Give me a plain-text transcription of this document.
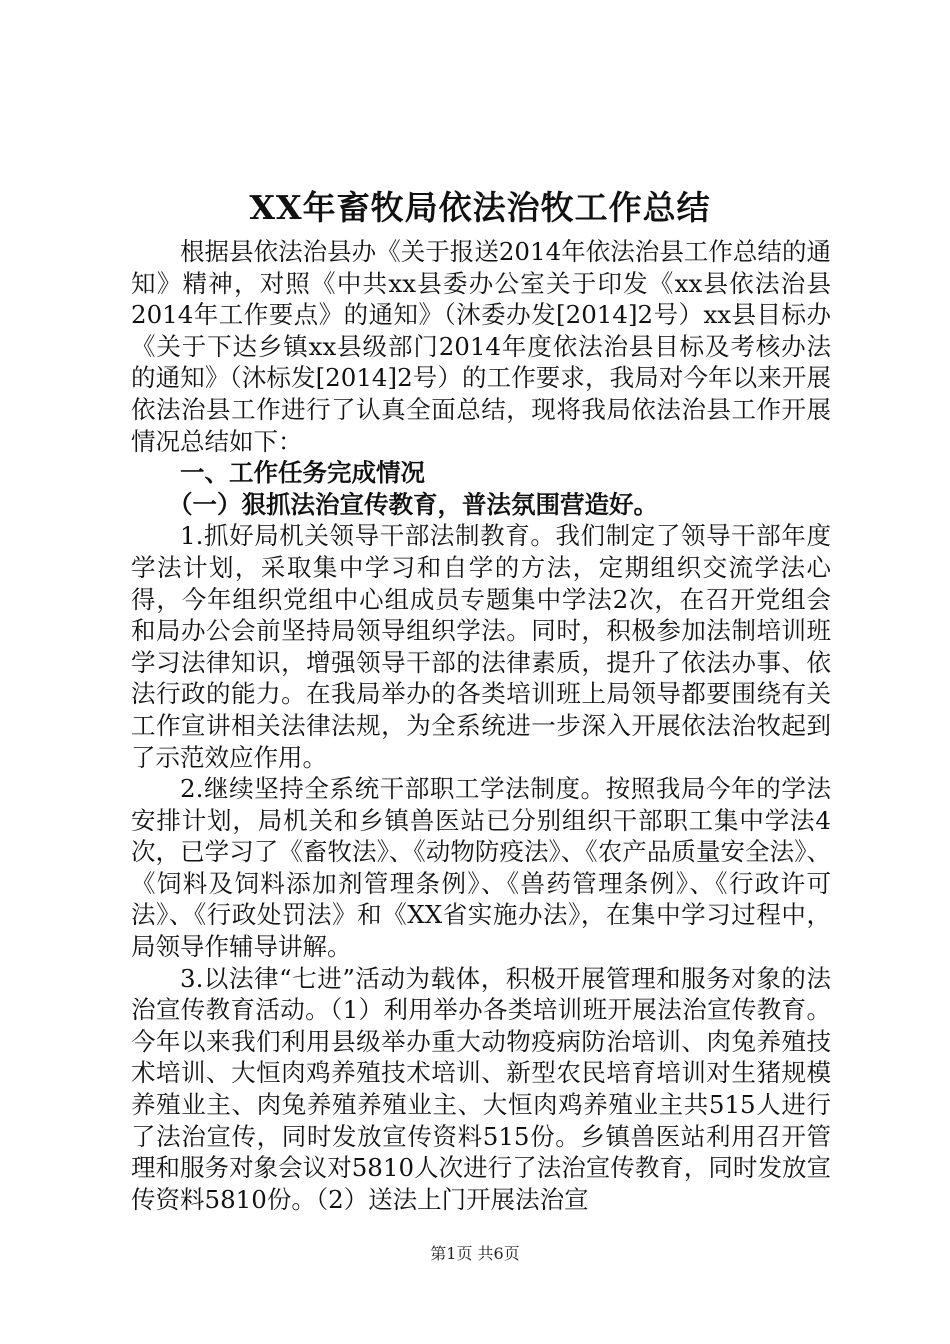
XX年畜牧局依法治牧工作总结

根据县依法治县办《关于报送2014年依法治县工作总结的通知》精神，对照《中共xx县委办公室关于印发《xx县依法治县2014年工作要点》的通知》（沐委办发[2014]2号）xx县目标办《关于下达乡镇xx县级部门2014年度依法治县目标及考核办法的通知》（沐标发[2014]2号）的工作要求，我局对今年以来开展依法治县工作进行了认真全面总结，现将我局依法治县工作开展情况总结如下：

一、工作任务完成情况

（一）狠抓法治宣传教育，普法氛围营造好。

1.抓好局机关领导干部法制教育。我们制定了领导干部年度学法计划，采取集中学习和自学的方法，定期组织交流学法心得，今年组织党组中心组成员专题集中学法2次，在召开党组会和局办公会前坚持局领导组织学法。同时，积极参加法制培训班学习法律知识，增强领导干部的法律素质，提升了依法办事、依法行政的能力。在我局举办的各类培训班上局领导都要围绕有关工作宣讲相关法律法规，为全系统进一步深入开展依法治牧起到了示范效应作用。

2.继续坚持全系统干部职工学法制度。按照我局今年的学法安排计划，局机关和乡镇兽医站已分别组织干部职工集中学法4次，已学习了《畜牧法》、《动物防疫法》、《农产品质量安全法》、《饲料及饲料添加剂管理条例》、《兽药管理条例》、《行政许可法》、《行政处罚法》和《XX省实施办法》，在集中学习过程中，局领导作辅导讲解。

3.以法律“七进”活动为载体，积极开展管理和服务对象的法治宣传教育活动。（1）利用举办各类培训班开展法治宣传教育。今年以来我们利用县级举办重大动物疫病防治培训、肉兔养殖技术培训、大恒肉鸡养殖技术培训、新型农民培育培训对生猪规模养殖业主、肉兔养殖养殖业主、大恒肉鸡养殖业主共515人进行了法治宣传，同时发放宣传资料515份。乡镇兽医站利用召开管理和服务对象会议对5810人次进行了法治宣传教育，同时发放宣传资料5810份。（2）送法上门开展法治宣

第1页 共6页
